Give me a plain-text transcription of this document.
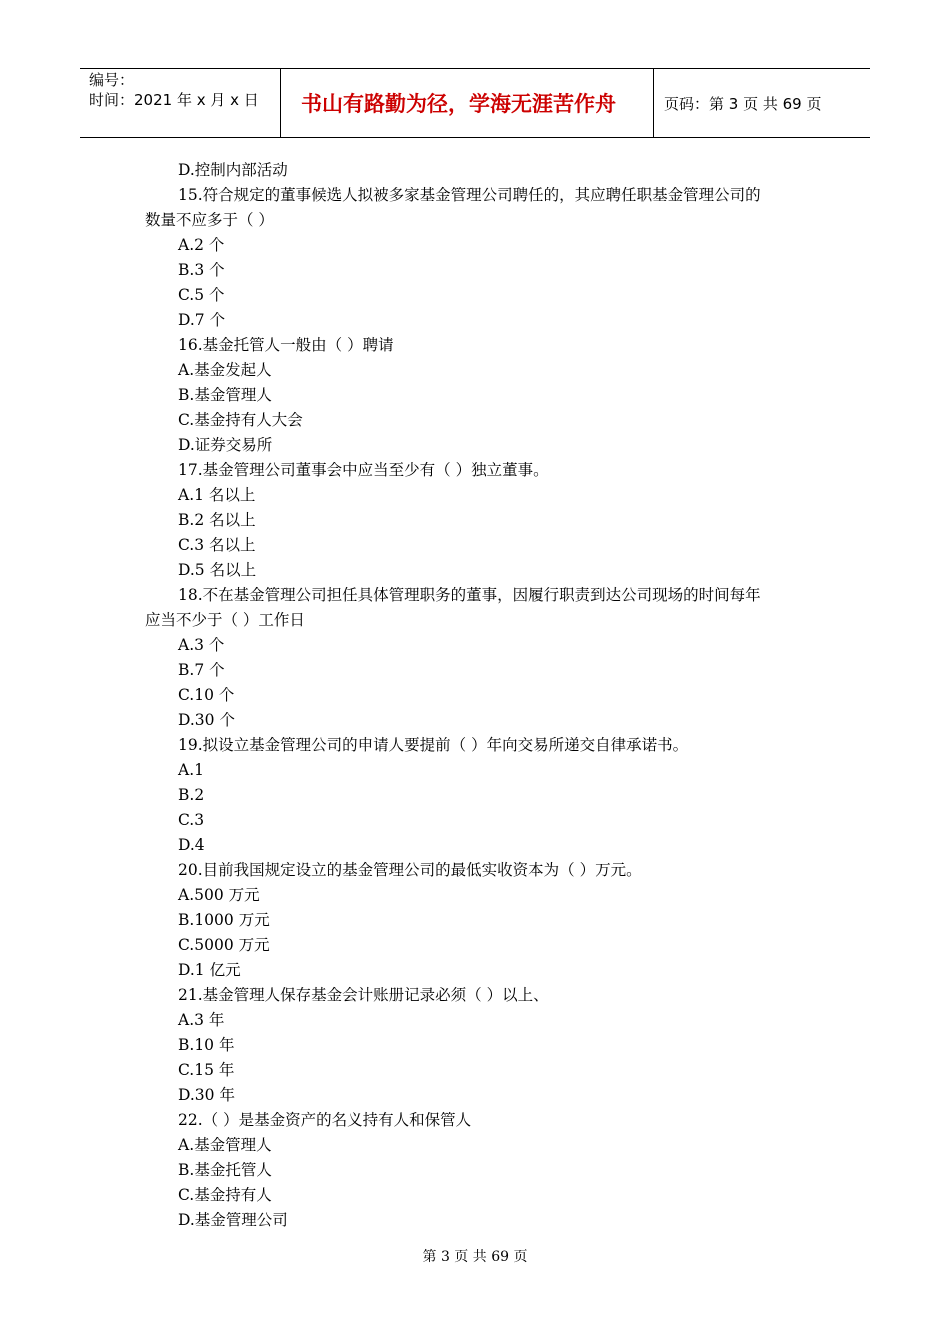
编号：
时间：2021 年 x 月 x 日	书山有路勤为径，学海无涯苦作舟	页码：第 3 页 共 69 页
D.控制内部活动
15.符合规定的董事候选人拟被多家基金管理公司聘任的，其应聘任职基金管理公司的
数量不应多于（ ）
A.2 个
B.3 个
C.5 个
D.7 个
16.基金托管人一般由（ ）聘请
A.基金发起人
B.基金管理人
C.基金持有人大会
D.证券交易所
17.基金管理公司董事会中应当至少有（ ）独立董事。
A.1 名以上
B.2 名以上
C.3 名以上
D.5 名以上
18.不在基金管理公司担任具体管理职务的董事，因履行职责到达公司现场的时间每年
应当不少于（ ）工作日
A.3 个
B.7 个
C.10 个
D.30 个
19.拟设立基金管理公司的申请人要提前（ ）年向交易所递交自律承诺书。
A.1
B.2
C.3
D.4
20.目前我国规定设立的基金管理公司的最低实收资本为（ ）万元。
A.500 万元
B.1000 万元
C.5000 万元
D.1 亿元
21.基金管理人保存基金会计账册记录必须（ ）以上、
A.3 年
B.10 年
C.15 年
D.30 年
22.（ ）是基金资产的名义持有人和保管人
A.基金管理人
B.基金托管人
C.基金持有人
D.基金管理公司
第 3 页 共 69 页
